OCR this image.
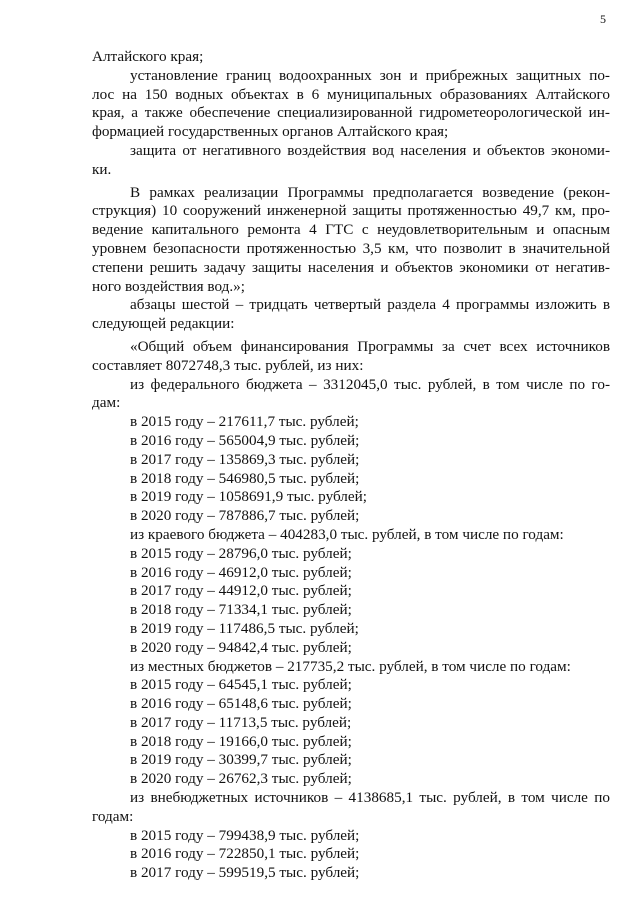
5
Алтайского края;
установление границ водоохранных зон и прибрежных защитных по-
лос на 150 водных объектах в 6 муниципальных образованиях Алтайского
края, а также обеспечение специализированной гидрометеорологической ин-
формацией государственных органов Алтайского края;
защита от негативного воздействия вод населения и объектов экономи-
ки.
В рамках реализации Программы предполагается возведение (рекон-
струкция) 10 сооружений инженерной защиты протяженностью 49,7 км, про-
ведение капитального ремонта 4 ГТС с неудовлетворительным и опасным
уровнем безопасности протяженностью 3,5 км, что позволит в значительной
степени решить задачу защиты населения и объектов экономики от негатив-
ного воздействия вод.»;
абзацы шестой – тридцать четвертый раздела 4 программы изложить в
следующей редакции:
«Общий объем финансирования Программы за счет всех источников
составляет 8072748,3 тыс. рублей, из них:
из федерального бюджета – 3312045,0 тыс. рублей, в том числе по го-
дам:
в 2015 году – 217611,7 тыс. рублей;
в 2016 году – 565004,9 тыс. рублей;
в 2017 году – 135869,3 тыс. рублей;
в 2018 году – 546980,5 тыс. рублей;
в 2019 году – 1058691,9 тыс. рублей;
в 2020 году – 787886,7 тыс. рублей;
из краевого бюджета – 404283,0 тыс. рублей, в том числе по годам:
в 2015 году – 28796,0 тыс. рублей;
в 2016 году – 46912,0 тыс. рублей;
в 2017 году – 44912,0 тыс. рублей;
в 2018 году – 71334,1 тыс. рублей;
в 2019 году – 117486,5 тыс. рублей;
в 2020 году – 94842,4 тыс. рублей;
из местных бюджетов – 217735,2 тыс. рублей, в том числе по годам:
в 2015 году – 64545,1 тыс. рублей;
в 2016 году – 65148,6 тыс. рублей;
в 2017 году – 11713,5 тыс. рублей;
в 2018 году – 19166,0 тыс. рублей;
в 2019 году – 30399,7 тыс. рублей;
в 2020 году – 26762,3 тыс. рублей;
из внебюджетных источников – 4138685,1 тыс. рублей, в том числе по
годам:
в 2015 году – 799438,9 тыс. рублей;
в 2016 году – 722850,1 тыс. рублей;
в 2017 году – 599519,5 тыс. рублей;
